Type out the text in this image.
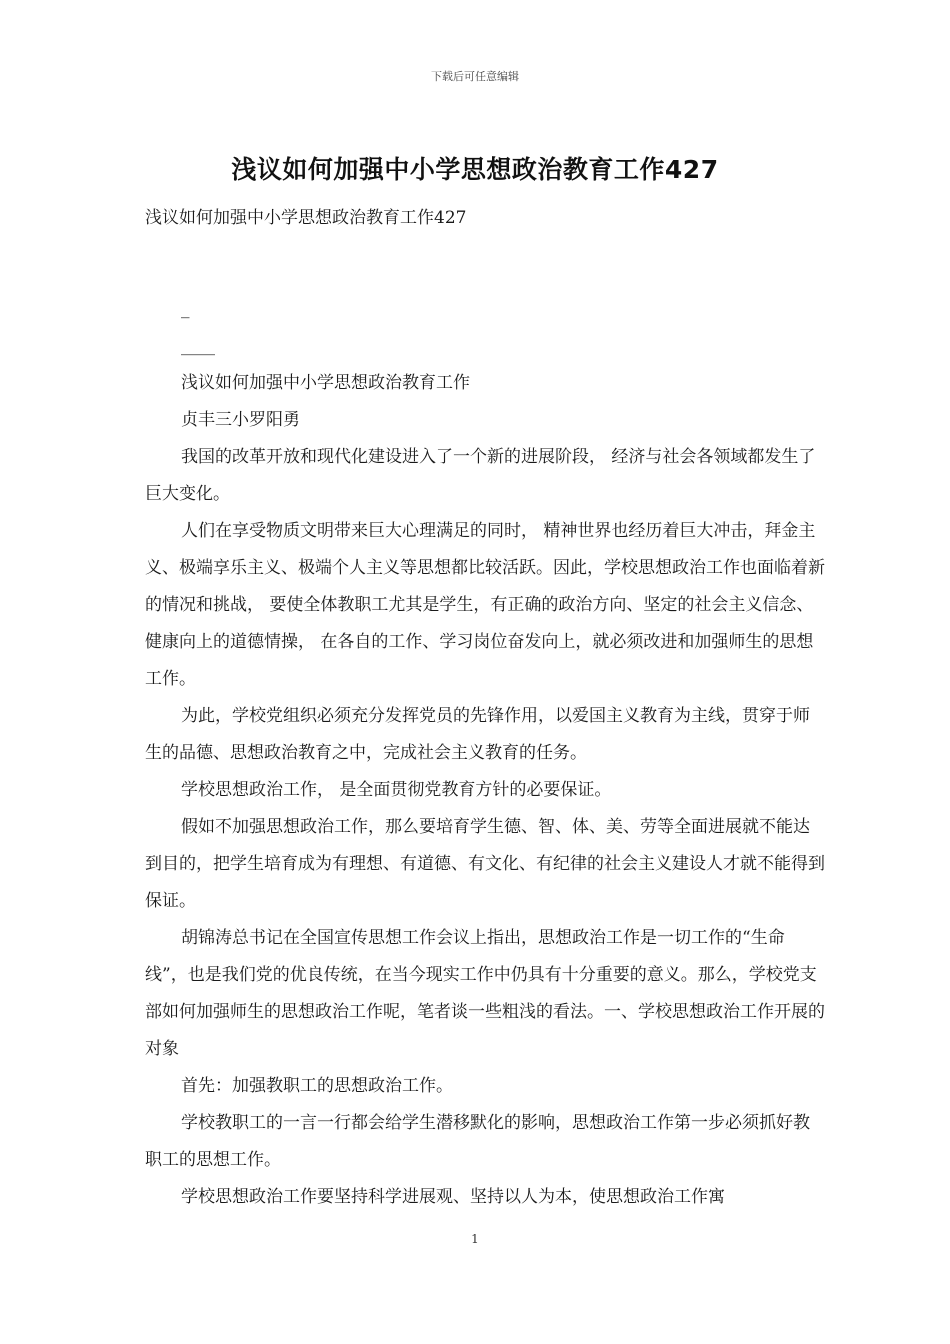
下载后可任意编辑
浅议如何加强中小学思想政治教育工作427

浅议如何加强中小学思想政治教育工作427

_

____

浅议如何加强中小学思想政治教育工作

贞丰三小罗阳勇

我国的改革开放和现代化建设进入了一个新的进展阶段， 经济与社会各领域都发生了巨大变化。

人们在享受物质文明带来巨大心理满足的同时， 精神世界也经历着巨大冲击，拜金主义、极端享乐主义、极端个人主义等思想都比较活跃。因此，学校思想政治工作也面临着新的情况和挑战， 要使全体教职工尤其是学生，有正确的政治方向、坚定的社会主义信念、 健康向上的道德情操， 在各自的工作、学习岗位奋发向上，就必须改进和加强师生的思想工作。

为此，学校党组织必须充分发挥党员的先锋作用，以爱国主义教育为主线，贯穿于师生的品德、思想政治教育之中，完成社会主义教育的任务。

学校思想政治工作， 是全面贯彻党教育方针的必要保证。

假如不加强思想政治工作，那么要培育学生德、智、体、美、劳等全面进展就不能达到目的，把学生培育成为有理想、有道德、有文化、有纪律的社会主义建设人才就不能得到保证。

胡锦涛总书记在全国宣传思想工作会议上指出，思想政治工作是一切工作的“生命线”，也是我们党的优良传统，在当今现实工作中仍具有十分重要的意义。那么，学校党支部如何加强师生的思想政治工作呢，笔者谈一些粗浅的看法。一、学校思想政治工作开展的对象

首先：加强教职工的思想政治工作。

学校教职工的一言一行都会给学生潜移默化的影响，思想政治工作第一步必须抓好教职工的思想工作。

学校思想政治工作要坚持科学进展观、坚持以人为本，使思想政治工作寓

1
